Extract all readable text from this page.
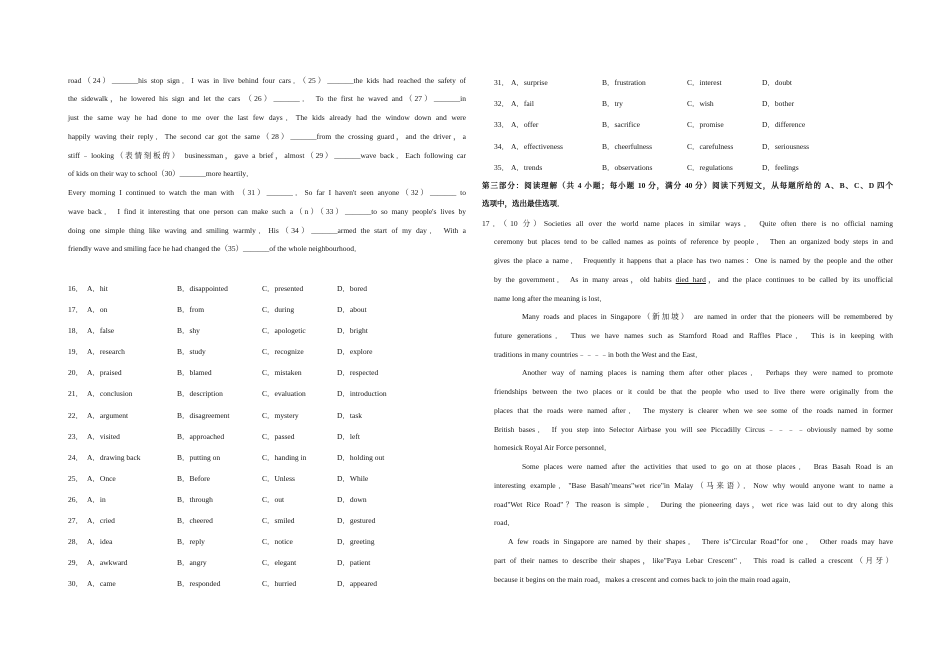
road（24）_______his stop sign．I was in live behind four cars．（25）_______the kids had reached the safety of
the sidewalk，he lowered his sign and let the cars （26）_______． To the first he waved and（27）_______in
just the same way he had done to me over the last few days．The kids already had the window down and were
happily waving their reply．The second car got the same（28）_______from the crossing guard，and the driver，a
stiff﹣looking（表情刻板的） businessman，gave a brief，almost（29）_______wave back．Each following car
of kids on their way to school（30）_______more heartily．
Every morning I continued to watch the man with （31）_______．So far I haven't seen anyone（32）_______ to
wave back． I find it interesting that one person can make such a（n）（33）_______to so many people's lives by
doing one simple thing like waving and smiling warmly．His（34）_______armed the start of my day． With a
friendly wave and smiling face he had changed the（35）_______of the whole neighbourhood．
16． A．hit	B．disappointed	C．presented	D．bored
17． A．on	B．from	C．during	D．about
18． A．false	B．shy	C．apologetic	D．bright
19． A．research	B．study	C．recognize	D．explore
20． A．praised	B．blamed	C．mistaken	D．respected
21． A．conclusion	B．description	C．evaluation	D．introduction
22． A．argument	B．disagreement	C．mystery	D．task
23． A．visited	B．approached	C．passed	D．left
24． A．drawing back	B．putting on	C．handing in	D．holding out
25． A．Once	B．Before	C．Unless	D．While
26． A．in	B．through	C．out	D．down
27． A．cried	B．cheered	C．smiled	D．gestured
28． A．idea	B．reply	C．notice	D．greeting
29． A．awkward	B．angry	C．elegant	D．patient
30． A．came	B．responded	C．hurried	D．appeared
31． A．surprise	B．frustration	C．interest	D．doubt
32． A．fail	B．try	C．wish	D．bother
33． A．offer	B．sacrifice	C．promise	D．difference
34． A．effectiveness	B．cheerfulness	C．carefulness	D．seriousness
35． A．trends	B．observations	C．regulations	D．feelings
第三部分：阅读理解（共 4 小题；每小题 10 分，满分 40 分）阅读下列短文，从每题所给的 A、B、C、D 四个
选项中，选出最佳选项．
17．（10 分）Societies all over the world name places in similar ways． Quite often there is no official naming
ceremony but places tend to be called names as points of reference by people． Then an organized body steps in and
gives the place a name． Frequently it happens that a place has two names：One is named by the people and the other
by the government． As in many areas，old habits died hard，and the place continues to be called by its unofficial
name long after the meaning is lost．
Many roads and places in Singapore（新加坡） are named in order that the pioneers will be remembered by
future generations． Thus we have names such as Stamford Road and Raffles Place． This is in keeping with
traditions in many countries﹣﹣﹣﹣in both the West and the East．
Another way of naming places is naming them after other places． Perhaps they were named to promote
friendships between the two places or it could be that the people who used to live there were originally from the
places that the roads were named after． The mystery is clearer when we see some of the roads named in former
British bases． If you step into Selector Airbase you will see Piccadilly Circus﹣﹣﹣﹣obviously named by some
homesick Royal Air Force personnel．
Some places were named after the activities that used to go on at those places． Bras Basah Road is an
interesting example．"Base Basah"means"wet rice"in Malay（马来语）．Now why would anyone want to name a
road"Wet Rice Road"？The reason is simple． During the pioneering days，wet rice was laid out to dry along this
road．
A few roads in Singapore are named by their shapes． There is"Circular Road"for one． Other roads may have
part of their names to describe their shapes，like"Paya Lebar Crescent"． This road is called a crescent（月牙）
because it begins on the main road，makes a crescent and comes back to join the main road again．
